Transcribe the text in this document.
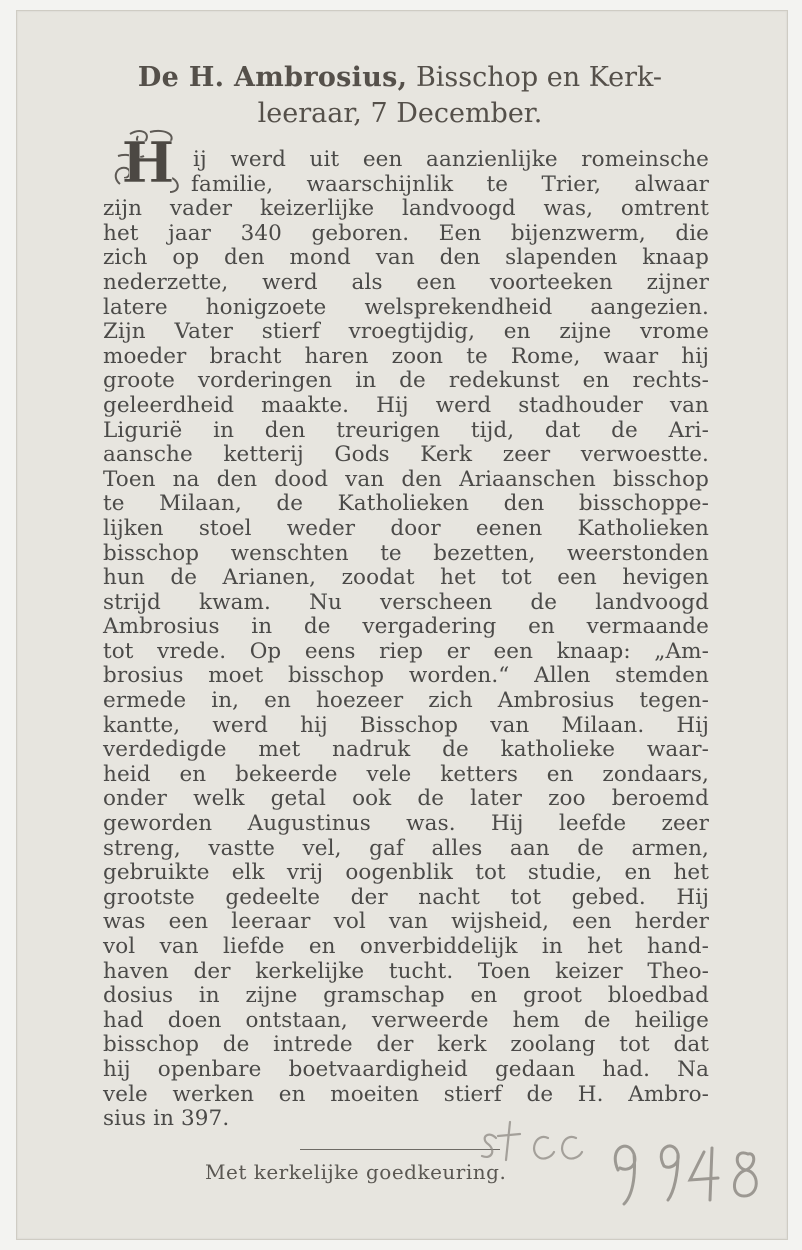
De H. Ambrosius, Bisschop en Kerk-
leeraar, 7 December.
H ij werd uit een aanzienlijke romeinsche
familie, waarschijnlik te Trier, alwaar
zijn vader keizerlijke landvoogd was, omtrent
het jaar 340 geboren. Een bijenzwerm, die
zich op den mond van den slapenden knaap
nederzette, werd als een voorteeken zijner
latere honigzoete welsprekendheid aangezien.
Zijn Vater stierf vroegtijdig, en zijne vrome
moeder bracht haren zoon te Rome, waar hij
groote vorderingen in de redekunst en rechts-
geleerdheid maakte. Hij werd stadhouder van
Ligurië in den treurigen tijd, dat de Ari-
aansche ketterij Gods Kerk zeer verwoestte.
Toen na den dood van den Ariaanschen bisschop
te Milaan, de Katholieken den bisschoppe-
lijken stoel weder door eenen Katholieken
bisschop wenschten te bezetten, weerstonden
hun de Arianen, zoodat het tot een hevigen
strijd kwam. Nu verscheen de landvoogd
Ambrosius in de vergadering en vermaande
tot vrede. Op eens riep er een knaap: „Am-
brosius moet bisschop worden.“ Allen stemden
ermede in, en hoezeer zich Ambrosius tegen-
kantte, werd hij Bisschop van Milaan. Hij
verdedigde met nadruk de katholieke waar-
heid en bekeerde vele ketters en zondaars,
onder welk getal ook de later zoo beroemd
geworden Augustinus was. Hij leefde zeer
streng, vastte vel, gaf alles aan de armen,
gebruikte elk vrij oogenblik tot studie, en het
grootste gedeelte der nacht tot gebed. Hij
was een leeraar vol van wijsheid, een herder
vol van liefde en onverbiddelijk in het hand-
haven der kerkelijke tucht. Toen keizer Theo-
dosius in zijne gramschap en groot bloedbad
had doen ontstaan, verweerde hem de heilige
bisschop de intrede der kerk zoolang tot dat
hij openbare boetvaardigheid gedaan had. Na
vele werken en moeiten stierf de H. Ambro-
sius in 397.
Met kerkelijke goedkeuring.
